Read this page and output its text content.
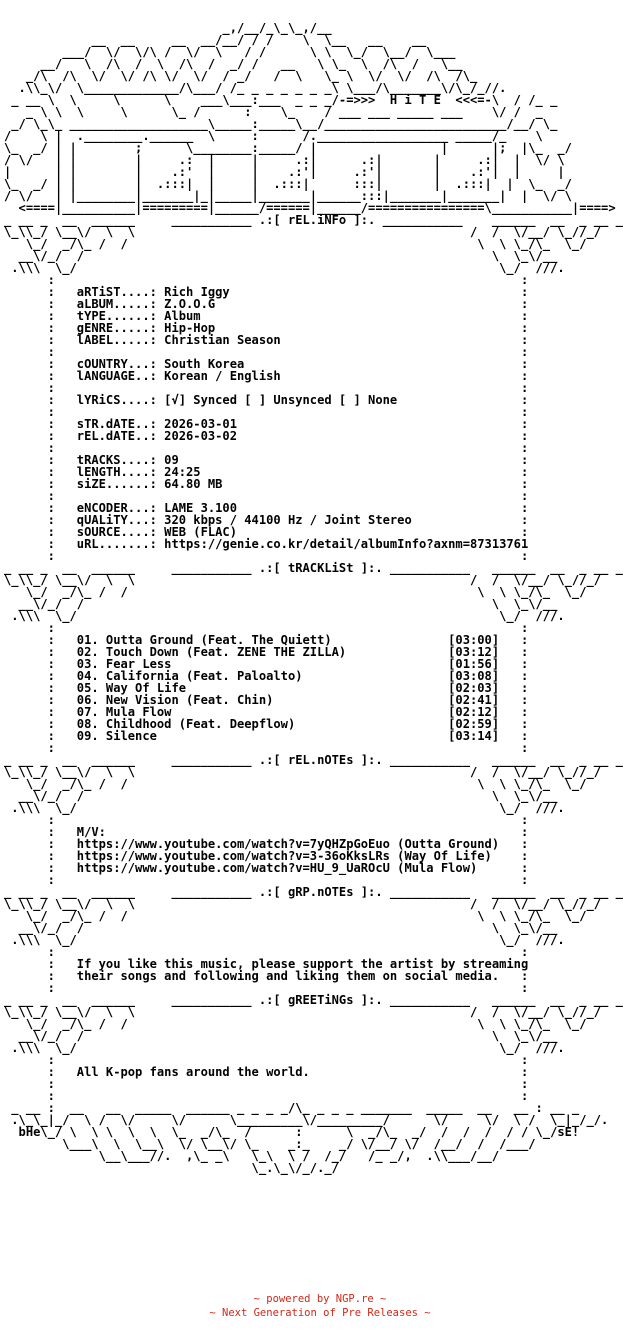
_,/__/_\_\_,/__
__  __     __  __/__/ / /    \  \__   __    __
___/  \/  \/\ /  \/  \   / /      \ \  \_/  \__/  \___
__/   \  /\  /  \  /\  /  _/ /   __   \ \_  \  /\  /   \__
_/\  /\  \/  \/ /\ \/  \/  / _/   /  \   \_ \  \/  \/  /\  /\_
.\\_\/  \_____________/\___/ /_ _ _ _ _ _ _\ \___/\_______\/\_/_//.
_ __ \  \     \      \    ___\___:___  _ _ _/-=>>>  H i T E  <<<=-\  / /_ _
_ \ \  \     \      \_ /      :    \_    / ___ ___ _____ ___    \/ /  _
_/ \_\_ ___________________\_____:_____\__/_________________________/__/ \_
/    \ |  .________.______  \     :      /.__________________ _____/_    \
\_  _/ | |        ;      \________:_____/ |                 |      |;  |\_  _/
/ \/   | |        |     .:  |     |     .:|      .:|       |     .:|  |  \/ \
|      | |        |    .:'  |     |    .:'|     .:'|       |    .:'|  |     |
\_  _/ | |        |  .:::|  |     |  .:::|      :::|       |  .:::|  |  \_  _/
/ \/   | |________|_______|_|_____|_______|______:::|_______|_______|  |  \/ \
<====|__________|=========|______/======|______/================\___________|====>
_ __ _  __  ______     ___________ .:[ rEL.iNFo ]:. ___________    ______  __  _ __ _
\_\\_/ \__\/  \  \                                              /  /  \/__/ \_//_/
\_/  _/\_ /  /                                                \  \ \_/\_  \_/
__\/_/  /                                                        \  \_\/__
.\\\  \_/                                                          \_/  ///.
:                                                                :
:   aRTiST....: Rich Iggy                                        :
:   aLBUM.....: Z.O.O.G                                          :
:   tYPE......: Album                                            :
:   gENRE.....: Hip-Hop                                          :
:   lABEL.....: Christian Season                                 :
:                                                                :
:   cOUNTRY...: South Korea                                      :
:   lANGUAGE..: Korean / English                                 :
:                                                                :
:   lYRiCS....: [√] Synced [ ] Unsynced [ ] None                 :
:                                                                :
:   sTR.dATE..: 2026-03-01                                       :
:   rEL.dATE..: 2026-03-02                                       :
:                                                                :
:   tRACKS....: 09                                               :
:   lENGTH....: 24:25                                            :
:   siZE......: 64.80 MB                                         :
:                                                                :
:   eNCODER...: LAME 3.100                                       :
:   qUALiTY...: 320 kbps / 44100 Hz / Joint Stereo               :
:   sOURCE....: WEB (FLAC)                                       :
:   uRL.......: https://genie.co.kr/detail/albumInfo?axnm=87313761
:                                                                :
_ __ _  __  ______     ___________ .:[ tRACKLiSt ]:. ___________   ______  __  _ __ _
\_\\_/ \__\/  \  \                                              /  /  \/__/ \_//_/
\_/  _/\_ /  /                                                \  \ \_/\_  \_/
__\/_/  /                                                        \  \_\/__
.\\\  \_/                                                          \_/  ///.
:                                                                :
:   01. Outta Ground (Feat. The Quiett)                [03:00]   :
:   02. Touch Down (Feat. ZENE THE ZILLA)              [03:12]   :
:   03. Fear Less                                      [01:56]   :
:   04. California (Feat. Paloalto)                    [03:08]   :
:   05. Way Of Life                                    [02:03]   :
:   06. New Vision (Feat. Chin)                        [02:41]   :
:   07. Mula Flow                                      [02:12]   :
:   08. Childhood (Feat. Deepflow)                     [02:59]   :
:   09. Silence                                        [03:14]   :
:                                                                :
_ __ _  __  ______     ___________ .:[ rEL.nOTEs ]:. ___________   ______  __  _ __ _
\_\\_/ \__\/  \  \                                              /  /  \/__/ \_//_/
\_/  _/\_ /  /                                                \  \ \_/\_  \_/
__\/_/  /                                                        \  \_\/__
.\\\  \_/                                                          \_/  ///.
:                                                                :
:   M/V:                                                         :
:   https://www.youtube.com/watch?v=7yQHZpGoEuo (Outta Ground)   :
:   https://www.youtube.com/watch?v=3-36oKksLRs (Way Of Life)    :
:   https://www.youtube.com/watch?v=HU_9_UaROcU (Mula Flow)      :
:                                                                :
_ __ _  __  ______     ___________ .:[ gRP.nOTEs ]:. ___________   ______  __  _ __ _
\_\\_/ \__\/  \  \                                              /  /  \/__/ \_//_/
\_/  _/\_ /  /                                                \  \ \_/\_  \_/
__\/_/  /                                                        \  \_\/__
.\\\  \_/                                                          \_/  ///.
:                                                                :
:   If you like this music, please support the artist by streaming
:   their songs and following and liking them on social media.   :
:                                                                :
_ __ _  __  ______     ___________ .:[ gREETiNGs ]:. ___________   ______  __  _ __ _
\_\\_/ \__\/  \  \                                              /  /  \/__/ \_//_/
\_/  _/\_ /  /                                                \  \ \_/\_  \_/
__\/_/  /                                                        \  \_\/__
.\\\  \_/                                                          \_/  ///.
:                                                                :
:   All K-pop fans around the world.                             :
:                                                                :
:                                                                :
_ __ :  __   __  _____  ______ _ _ _ _/\_ _ _ _ _______  _____  __   __ : __ _
.\_\_|_/  \ /  \/     \/      \_________\/_________/      \/     \/  \ /  \_|_/_/.
bHe\_/ \  \ \  \  \  \_  _/\_  /      :      \  _/\_  _/  /  /  /  / / \_/sE!
\___\  \  \__\  \/ \__\/ \_    _:_    _/ \/__/ \/  /__/  /  /___/
\__\___//.  ,\_ _\   \_\  \ /  /_/   /_ _/,  .\\___/__/
\_.\_\/_/._/
~ powered by NGP.re ~
~ Next Generation of Pre Releases ~
